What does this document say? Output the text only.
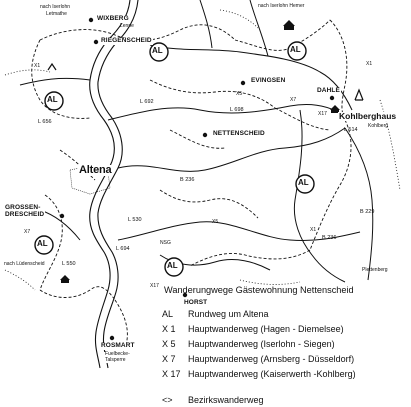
WIXBERG
nach Iserlohn
Letmathe
nach Iserlohn Hemer
Lenne
RIEGENSCHEID
EVINGSEN
DAHLE
Kohlberghaus
Kohlberg
NETTENSCHEID
Altena
GROSSEN-
DRESCHEID
HORST
ROSMART
Fuelbecke-
Talsperre
nach Lüdenscheid
Plettenberg
L 692
L 698
L 514
B 236
B 236
L 530
L 694
L 550
B 229
L 656
X1	X1
X1
X5
X5
X7
X7
X17
X17
NSG
AL
AL	AL
AL
AL
AL
Wanderungwege Gästewohnung Nettenscheid
AL Rundweg um Altena
X 1 Hauptwanderweg (Hagen - Diemelsee)
X 5 Hauptwanderweg (Iserlohn - Siegen)
X 7 Hauptwanderweg (Arnsberg - Düsseldorf)
X 17 Hauptwanderweg (Kaiserwerth -Kohlberg)
<> Bezirkswanderweg
